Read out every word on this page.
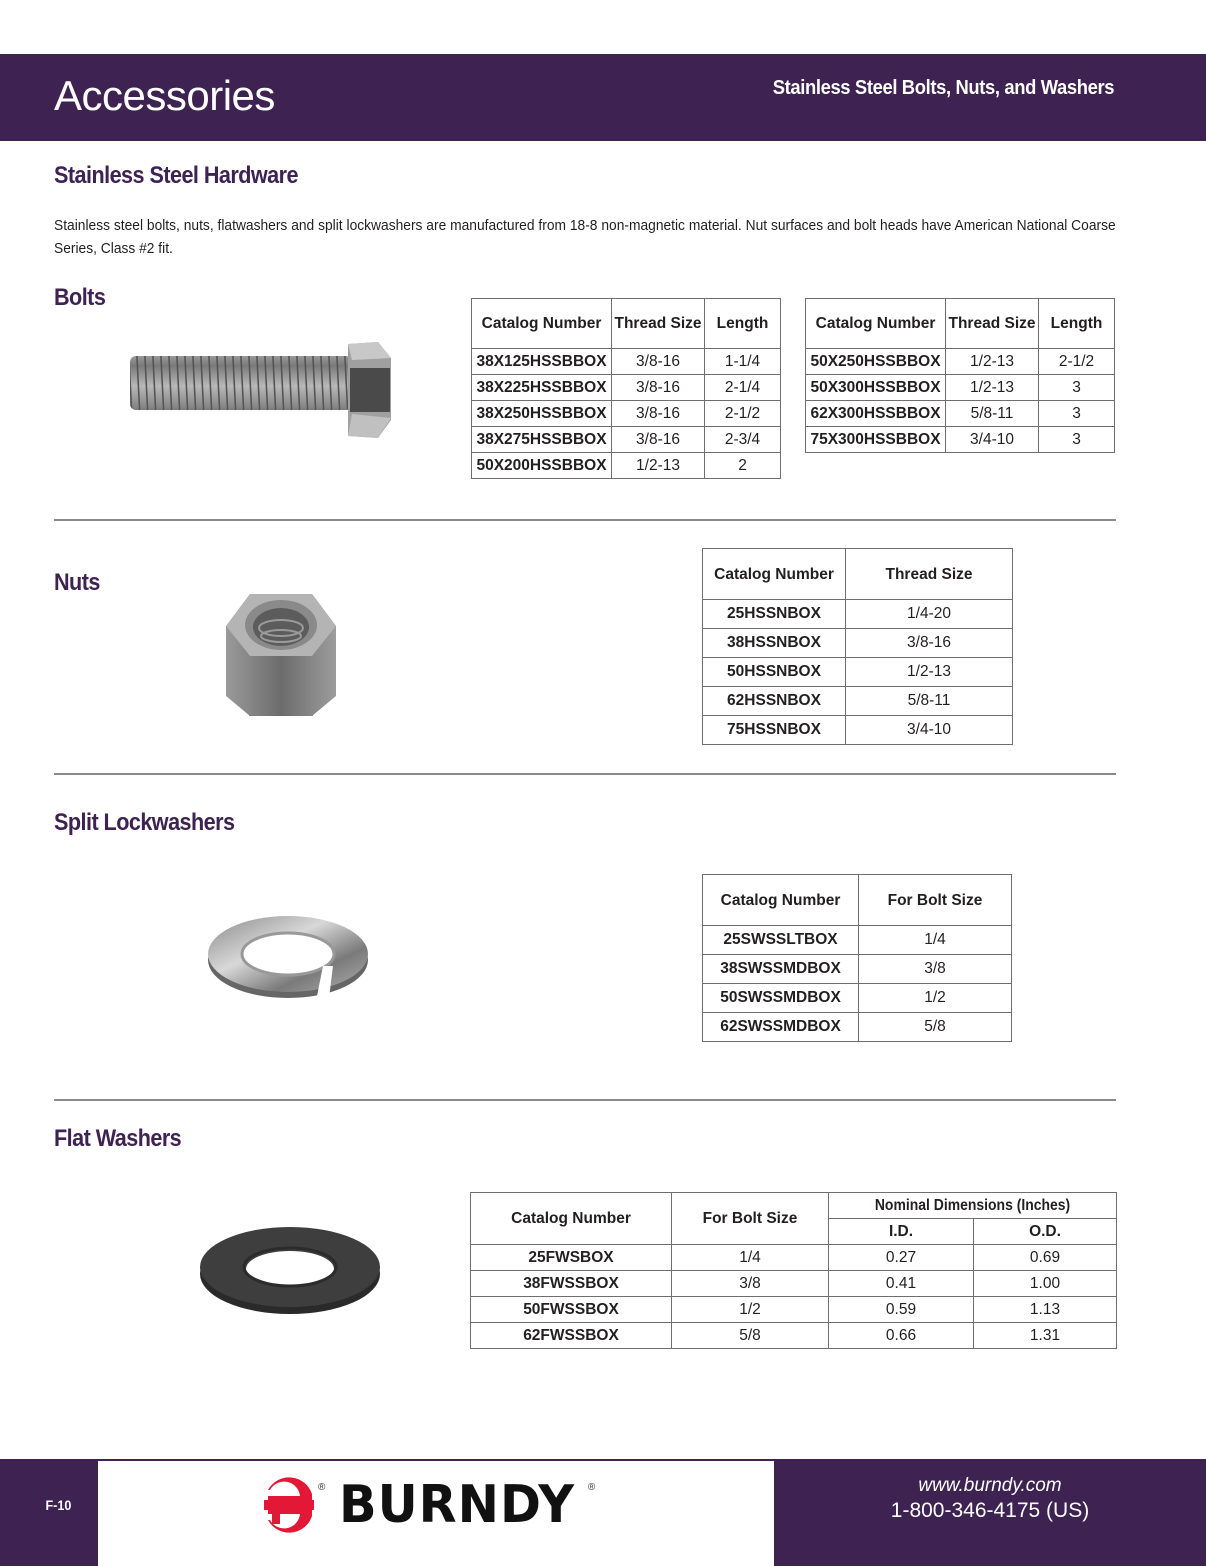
Accessories	Stainless Steel Bolts, Nuts, and Washers
Stainless Steel Hardware
Stainless steel bolts, nuts, flatwashers and split lockwashers are manufactured from 18-8 non-magnetic material. Nut surfaces and bolt heads have American National Coarse Series, Class #2 fit.
Bolts
Catalog Number	Thread Size	Length
38X125HSSBBOX	3/8-16	1-1/4
38X225HSSBBOX	3/8-16	2-1/4
38X250HSSBBOX	3/8-16	2-1/2
38X275HSSBBOX	3/8-16	2-3/4
50X200HSSBBOX	1/2-13	2
Catalog Number	Thread Size	Length
50X250HSSBBOX	1/2-13	2-1/2
50X300HSSBBOX	1/2-13	3
62X300HSSBBOX	5/8-11	3
75X300HSSBBOX	3/4-10	3
Nuts	Catalog Number	Thread Size
25HSSNBOX	1/4-20
38HSSNBOX	3/8-16
50HSSNBOX	1/2-13
62HSSNBOX	5/8-11
75HSSNBOX	3/4-10
Split Lockwashers
Catalog Number	For Bolt Size
25SWSSLTBOX	1/4
38SWSSMDBOX	3/8
50SWSSMDBOX	1/2
62SWSSMDBOX	5/8
Flat Washers
Catalog Number	For Bolt Size	Nominal Dimensions (Inches)	
		I.D.	O.D.
25FWSBOX	1/4	0.27	0.69
38FWSSBOX	3/8	0.41	1.00
50FWSSBOX	1/2	0.59	1.13
62FWSSBOX	5/8	0.66	1.31
F-10
® BURNDY ®	www.burndy.com
1-800-346-4175 (US)
